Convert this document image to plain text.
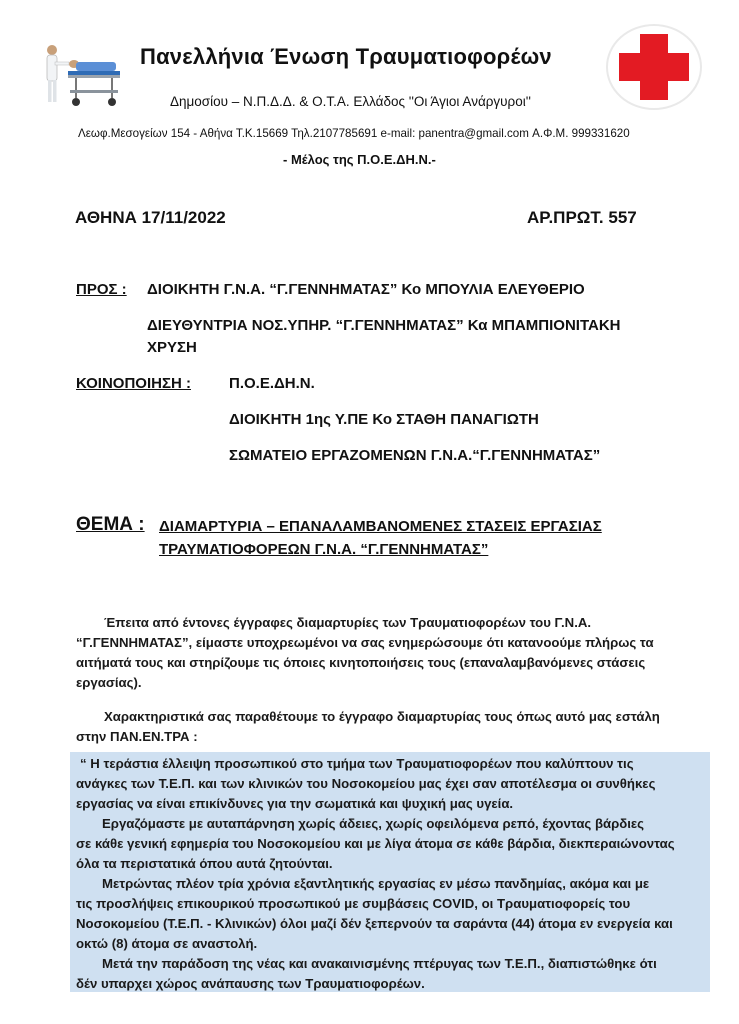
Πανελλήνια Ένωση Τραυματιοφορέων
Δημοσίου – Ν.Π.Δ.Δ. & Ο.Τ.Α. Ελλάδος ''Οι Άγιοι Ανάργυροι''
Λεωφ.Μεσογείων 154 - Αθήνα Τ.Κ.15669 Τηλ.2107785691 e-mail: panentra@gmail.com Α.Φ.Μ. 999331620
- Μέλος της Π.Ο.Ε.ΔΗ.Ν.-
ΑΘΗΝΑ 17/11/2022	ΑΡ.ΠΡΩΤ. 557
ΠΡΟΣ : ΔΙΟΙΚΗΤΗ Γ.Ν.Α. “Γ.ΓΕΝΝΗΜΑΤΑΣ” Κο ΜΠΟΥΛΙΑ ΕΛΕΥΘΕΡΙΟ
ΔΙΕΥΘΥΝΤΡΙΑ ΝΟΣ.ΥΠΗΡ. “Γ.ΓΕΝΝΗΜΑΤΑΣ” Κα ΜΠΑΜΠΙΟΝΙΤΑΚΗ
ΧΡΥΣΗ
ΚΟΙΝΟΠΟΙΗΣΗ :	Π.Ο.Ε.ΔΗ.Ν.
ΔΙΟΙΚΗΤΗ 1ης Υ.ΠΕ Κο ΣΤΑΘΗ ΠΑΝΑΓΙΩΤΗ
ΣΩΜΑΤΕΙΟ ΕΡΓΑΖΟΜΕΝΩΝ Γ.Ν.Α.“Γ.ΓΕΝΝΗΜΑΤΑΣ”
ΘΕΜΑ : ΔΙΑΜΑΡΤΥΡΙΑ – ΕΠΑΝΑΛΑΜΒΑΝΟΜΕΝΕΣ ΣΤΑΣΕΙΣ ΕΡΓΑΣΙΑΣ
ΤΡΑΥΜΑΤΙΟΦΟΡΕΩΝ Γ.Ν.Α. “Γ.ΓΕΝΝΗΜΑΤΑΣ”
Έπειτα από έντονες έγγραφες διαμαρτυρίες των Τραυματιοφορέων του Γ.Ν.Α.
“Γ.ΓΕΝΝΗΜΑΤΑΣ”, είμαστε υποχρεωμένοι να σας ενημερώσουμε ότι κατανοούμε πλήρως τα
αιτήματά τους και στηρίζουμε τις όποιες κινητοποιήσεις τους (επαναλαμβανόμενες στάσεις
εργασίας).
Χαρακτηριστικά σας παραθέτουμε το έγγραφο διαμαρτυρίας τους όπως αυτό μας εστάλη
στην ΠΑΝ.ΕΝ.ΤΡΑ :
“ Η τεράστια έλλειψη προσωπικού στο τμήμα των Τραυματιοφορέων που καλύπτουν τις
ανάγκες των Τ.Ε.Π. και των κλινικών του Νοσοκομείου μας έχει σαν αποτέλεσμα οι συνθήκες
εργασίας να είναι επικίνδυνες για την σωματικά και ψυχική μας υγεία.
Εργαζόμαστε με αυταπάρνηση χωρίς άδειες, χωρίς οφειλόμενα ρεπό, έχοντας βάρδιες
σε κάθε γενική εφημερία του Νοσοκομείου και με λίγα άτομα σε κάθε βάρδια, διεκπεραιώνοντας
όλα τα περιστατικά όπου αυτά ζητούνται.
Μετρώντας πλέον τρία χρόνια εξαντλητικής εργασίας εν μέσω πανδημίας, ακόμα και με
τις προσλήψεις επικουρικού προσωπικού με συμβάσεις COVID, οι Τραυματιοφορείς του
Νοσοκομείου (Τ.Ε.Π. - Κλινικών) όλοι μαζί δέν ξεπερνούν τα σαράντα (44) άτομα εν ενεργεία και
οκτώ (8) άτομα σε αναστολή.
Μετά την παράδοση της νέας και ανακαινισμένης πτέρυγας των Τ.Ε.Π., διαπιστώθηκε ότι
δέν υπαρχει χώρος ανάπαυσης των Τραυματιοφορέων.
